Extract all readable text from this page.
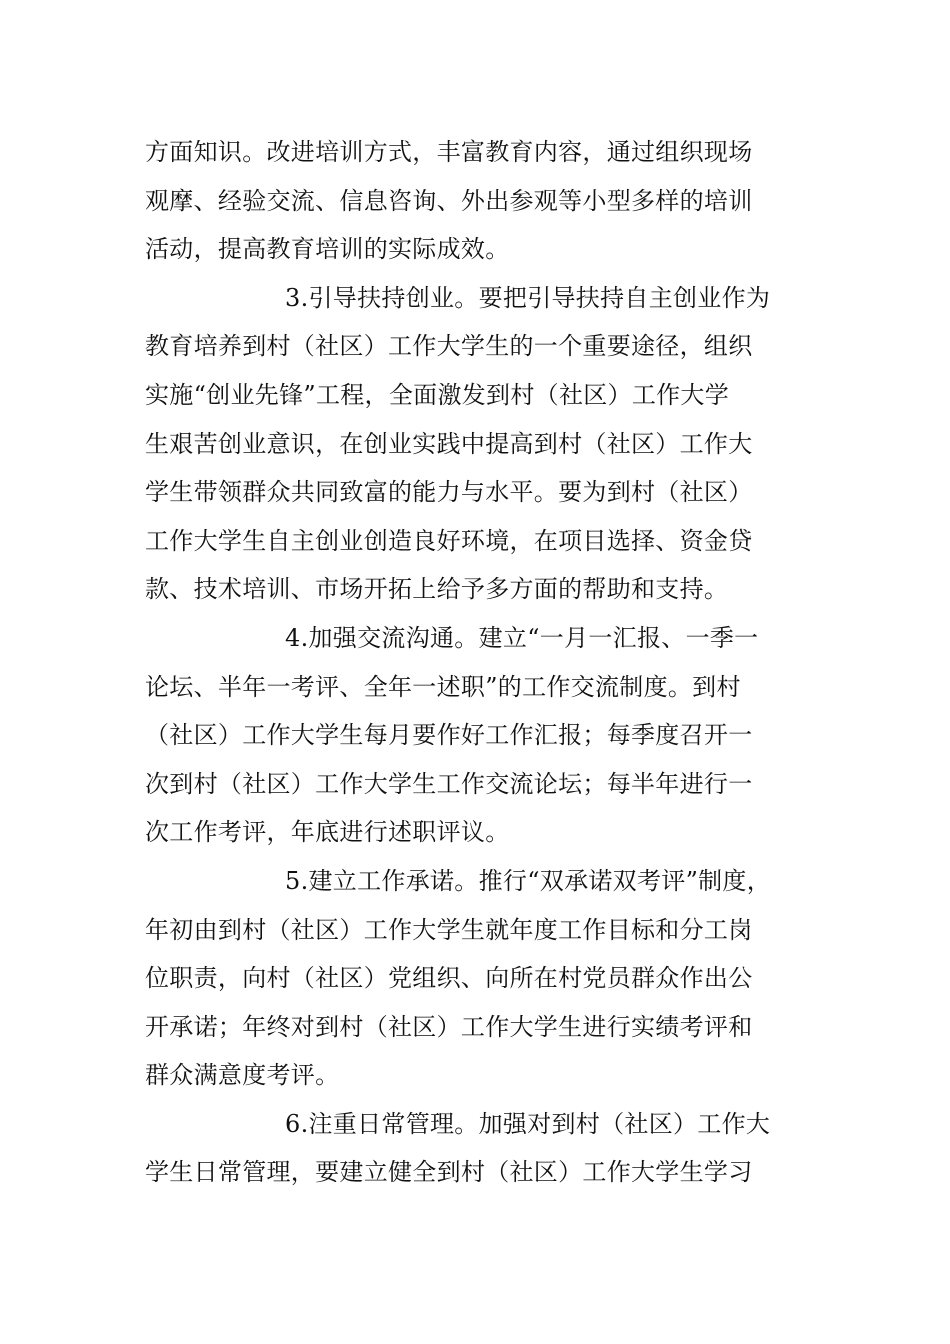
方面知识。改进培训方式，丰富教育内容，通过组织现场
观摩、经验交流、信息咨询、外出参观等小型多样的培训
活动，提高教育培训的实际成效。
3.引导扶持创业。要把引导扶持自主创业作为
教育培养到村（社区）工作大学生的一个重要途径，组织
实施“创业先锋”工程，全面激发到村（社区）工作大学
生艰苦创业意识，在创业实践中提高到村（社区）工作大
学生带领群众共同致富的能力与水平。要为到村（社区）
工作大学生自主创业创造良好环境，在项目选择、资金贷
款、技术培训、市场开拓上给予多方面的帮助和支持。
4.加强交流沟通。建立“一月一汇报、一季一
论坛、半年一考评、全年一述职”的工作交流制度。到村
（社区）工作大学生每月要作好工作汇报；每季度召开一
次到村（社区）工作大学生工作交流论坛；每半年进行一
次工作考评，年底进行述职评议。
5.建立工作承诺。推行“双承诺双考评”制度，
年初由到村（社区）工作大学生就年度工作目标和分工岗
位职责，向村（社区）党组织、向所在村党员群众作出公
开承诺；年终对到村（社区）工作大学生进行实绩考评和
群众满意度考评。
6.注重日常管理。加强对到村（社区）工作大
学生日常管理，要建立健全到村（社区）工作大学生学习
